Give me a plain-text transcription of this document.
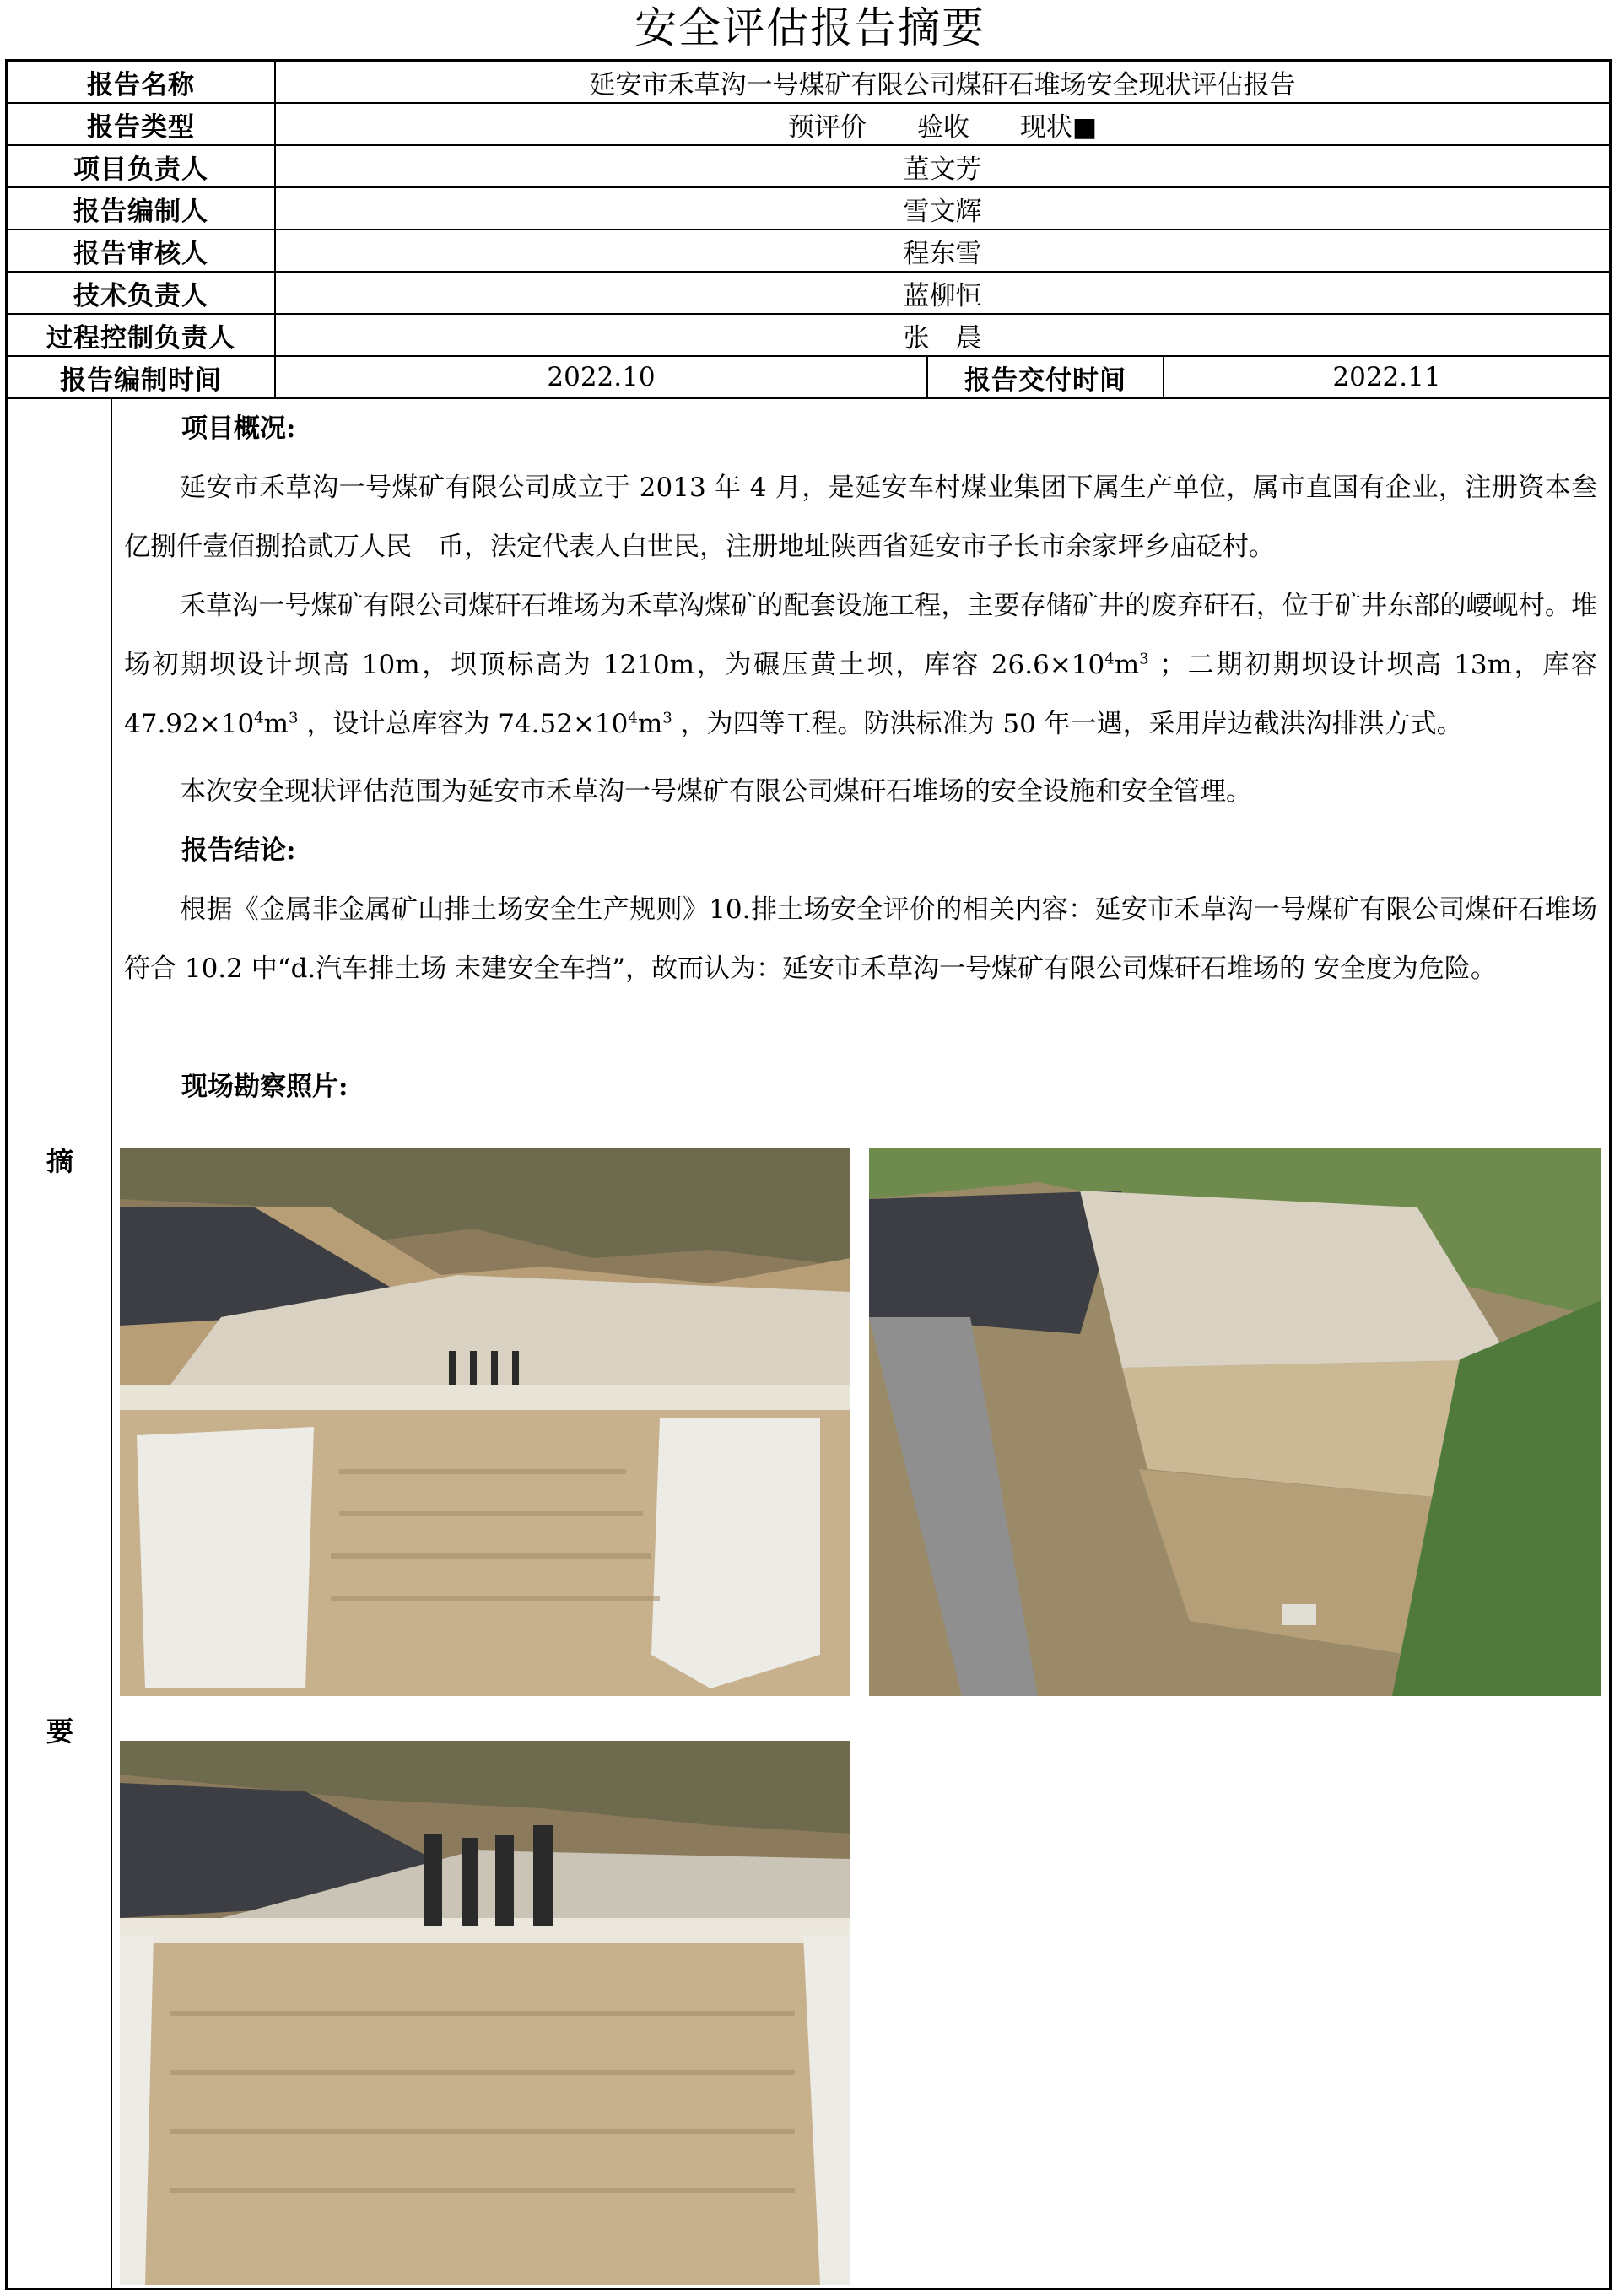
安全评估报告摘要
报告名称	延安市禾草沟一号煤矿有限公司煤矸石堆场安全现状评估报告
报告类型	预评价 验收 现状■
项目负责人	董文芳
报告编制人	雪文辉
报告审核人	程东雪
技术负责人	蓝柳恒
过程控制负责人	张　晨
报告编制时间	2022.10	报告交付时间	2022.11
摘
要

项目概况:

延安市禾草沟一号煤矿有限公司成立于 2013 年 4 月，是延安车村煤业集团下属生产单位，属市直国有企业，注册资本叁亿捌仟壹佰捌拾贰万人民　币，法定代表人白世民，注册地址陕西省延安市子长市余家坪乡庙砭村。

禾草沟一号煤矿有限公司煤矸石堆场为禾草沟煤矿的配套设施工程，主要存储矿井的废弃矸石，位于矿井东部的崾岘村。堆场初期坝设计坝高 10m，坝顶标高为 1210m，为碾压黄土坝，库容 $26.6\times 10^4m^3$ ；二期初期坝设计坝高 13m，库容 $47.92\times 10^4m^3$ ，设计总库容为 $74.52\times 10^4m^3$ ，为四等工程。防洪标准为 50 年一遇，采用岸边截洪沟排洪方式。

本次安全现状评估范围为延安市禾草沟一号煤矿有限公司煤矸石堆场的安全设施和安全管理。

报告结论:

根据《金属非金属矿山排土场安全生产规则》10.排土场安全评价的相关内容：延安市禾草沟一号煤矿有限公司煤矸石堆场符合 10.2 中“d.汽车排土场 未建安全车挡”，故而认为：延安市禾草沟一号煤矿有限公司煤矸石堆场的 安全度为危险。

现场勘察照片:
